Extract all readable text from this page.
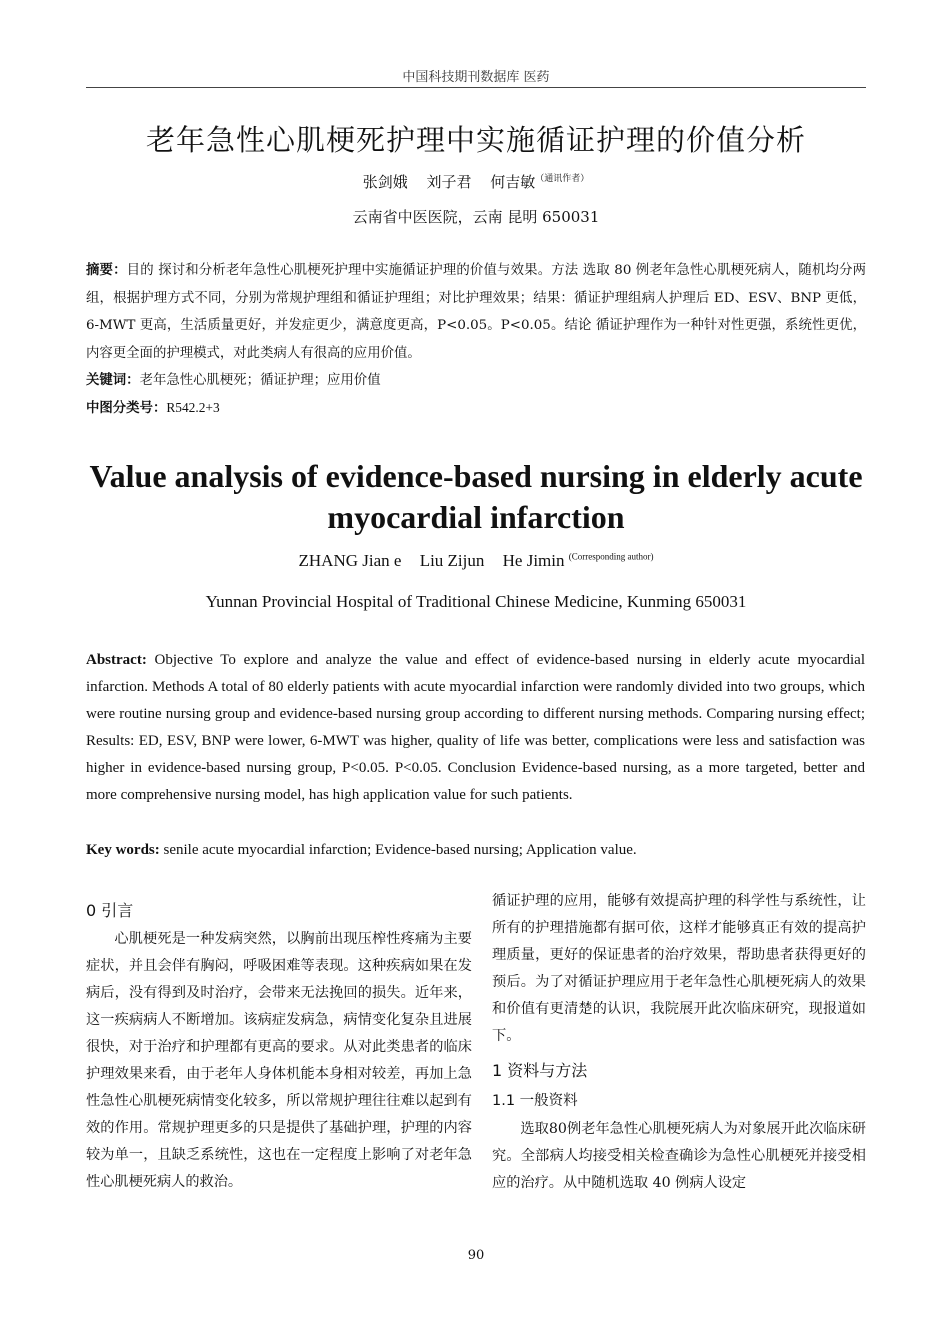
中国科技期刊数据库 医药
老年急性心肌梗死护理中实施循证护理的价值分析
张剑娥 刘子君 何吉敏$^{(通讯作者)}$
云南省中医医院，云南 昆明 650031
摘要：目的 探讨和分析老年急性心肌梗死护理中实施循证护理的价值与效果。方法 选取 80 例老年急性心肌梗死病人，随机均分两组，根据护理方式不同，分别为常规护理组和循证护理组；对比护理效果；结果：循证护理组病人护理后 ED、ESV、BNP 更低，6-MWT 更高，生活质量更好，并发症更少，满意度更高，P<0.05。P<0.05。结论 循证护理作为一种针对性更强，系统性更优，内容更全面的护理模式，对此类病人有很高的应用价值。
关键词：老年急性心肌梗死；循证护理；应用价值
中图分类号：R542.2+3
Value analysis of evidence-based nursing in elderly acute myocardial infarction
ZHANG Jian e Liu Zijun He Jimin $^{(Corresponding author)}$
Yunnan Provincial Hospital of Traditional Chinese Medicine, Kunming 650031
Abstract: Objective To explore and analyze the value and effect of evidence-based nursing in elderly acute myocardial infarction. Methods A total of 80 elderly patients with acute myocardial infarction were randomly divided into two groups, which were routine nursing group and evidence-based nursing group according to different nursing methods. Comparing nursing effect; Results: ED, ESV, BNP were lower, 6-MWT was higher, quality of life was better, complications were less and satisfaction was higher in evidence-based nursing group, P<0.05. P<0.05. Conclusion Evidence-based nursing, as a more targeted, better and more comprehensive nursing model, has high application value for such patients.
Key words: senile acute myocardial infarction; Evidence-based nursing; Application value.

0 引言

心肌梗死是一种发病突然，以胸前出现压榨性疼痛为主要症状，并且会伴有胸闷，呼吸困难等表现。这种疾病如果在发病后，没有得到及时治疗，会带来无法挽回的损失。近年来，这一疾病病人不断增加。该病症发病急，病情变化复杂且进展很快，对于治疗和护理都有更高的要求。从对此类患者的临床护理效果来看，由于老年人身体机能本身相对较差，再加上急性急性心肌梗死病情变化较多，所以常规护理往往难以起到有效的作用。常规护理更多的只是提供了基础护理，护理的内容较为单一，且缺乏系统性，这也在一定程度上影响了对老年急性心肌梗死病人的救治。

循证护理的应用，能够有效提高护理的科学性与系统性，让所有的护理措施都有据可依，这样才能够真正有效的提高护理质量，更好的保证患者的治疗效果，帮助患者获得更好的预后。为了对循证护理应用于老年急性心肌梗死病人的效果和价值有更清楚的认识，我院展开此次临床研究，现报道如下。

1 资料与方法

1.1 一般资料

选取80例老年急性心肌梗死病人为对象展开此次临床研究。全部病人均接受相关检查确诊为急性心肌梗死并接受相应的治疗。从中随机选取 40 例病人设定

90
